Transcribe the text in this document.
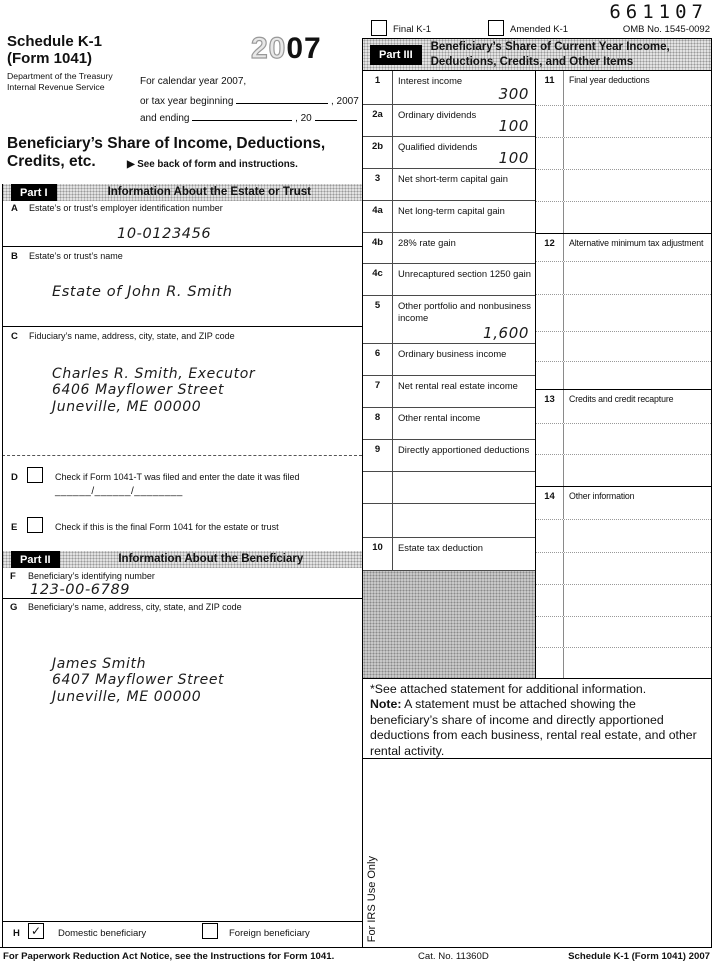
661107
Final K-1	Amended K-1	OMB No. 1545-0092
Schedule K-1
(Form 1041)
Department of the Treasury
Internal Revenue Service
2007
For calendar year 2007,
or tax year beginning	, 2007
and ending	, 20
Beneficiary’s Share of Income, Deductions,
Credits, etc.	▶ See back of form and instructions.
Part I	Information About the Estate or Trust
A Estate’s or trust’s employer identification number
10-0123456
B Estate’s or trust’s name
Estate of John R. Smith
C Fiduciary’s name, address, city, state, and ZIP code
Charles R. Smith, Executor
6406 Mayflower Street
Juneville, ME 00000
D	Check if Form 1041-T was filed and enter the date it was filed
______/______/________
E	Check if this is the final Form 1041 for the estate or trust
Part II	Information About the Beneficiary
F Beneficiary’s identifying number
123-00-6789
G Beneficiary’s name, address, city, state, and ZIP code
James Smith
6407 Mayflower Street
Juneville, ME 00000
H ✓	Domestic beneficiary	Foreign beneficiary
Part III
Beneficiary’s Share of Current Year Income,
Deductions, Credits, and Other Items
1	Interest income
300
2a	Ordinary dividends
100
2b	Qualified dividends
100
3	Net short-term capital gain
4a	Net long-term capital gain
4b	28% rate gain
4c	Unrecaptured section 1250 gain
5	Other portfolio and nonbusiness income
1,600
6	Ordinary business income
7	Net rental real estate income
8	Other rental income
9	Directly apportioned deductions
10	Estate tax deduction
11	Final year deductions
12	Alternative minimum tax adjustment
13	Credits and credit recapture
14	Other information
*See attached statement for additional information.
Note: A statement must be attached showing the beneficiary’s share of income and directly apportioned deductions from each business, rental real estate, and other rental activity.
For IRS Use Only
For Paperwork Reduction Act Notice, see the Instructions for Form 1041.	Cat. No. 11360D	Schedule K-1 (Form 1041) 2007
